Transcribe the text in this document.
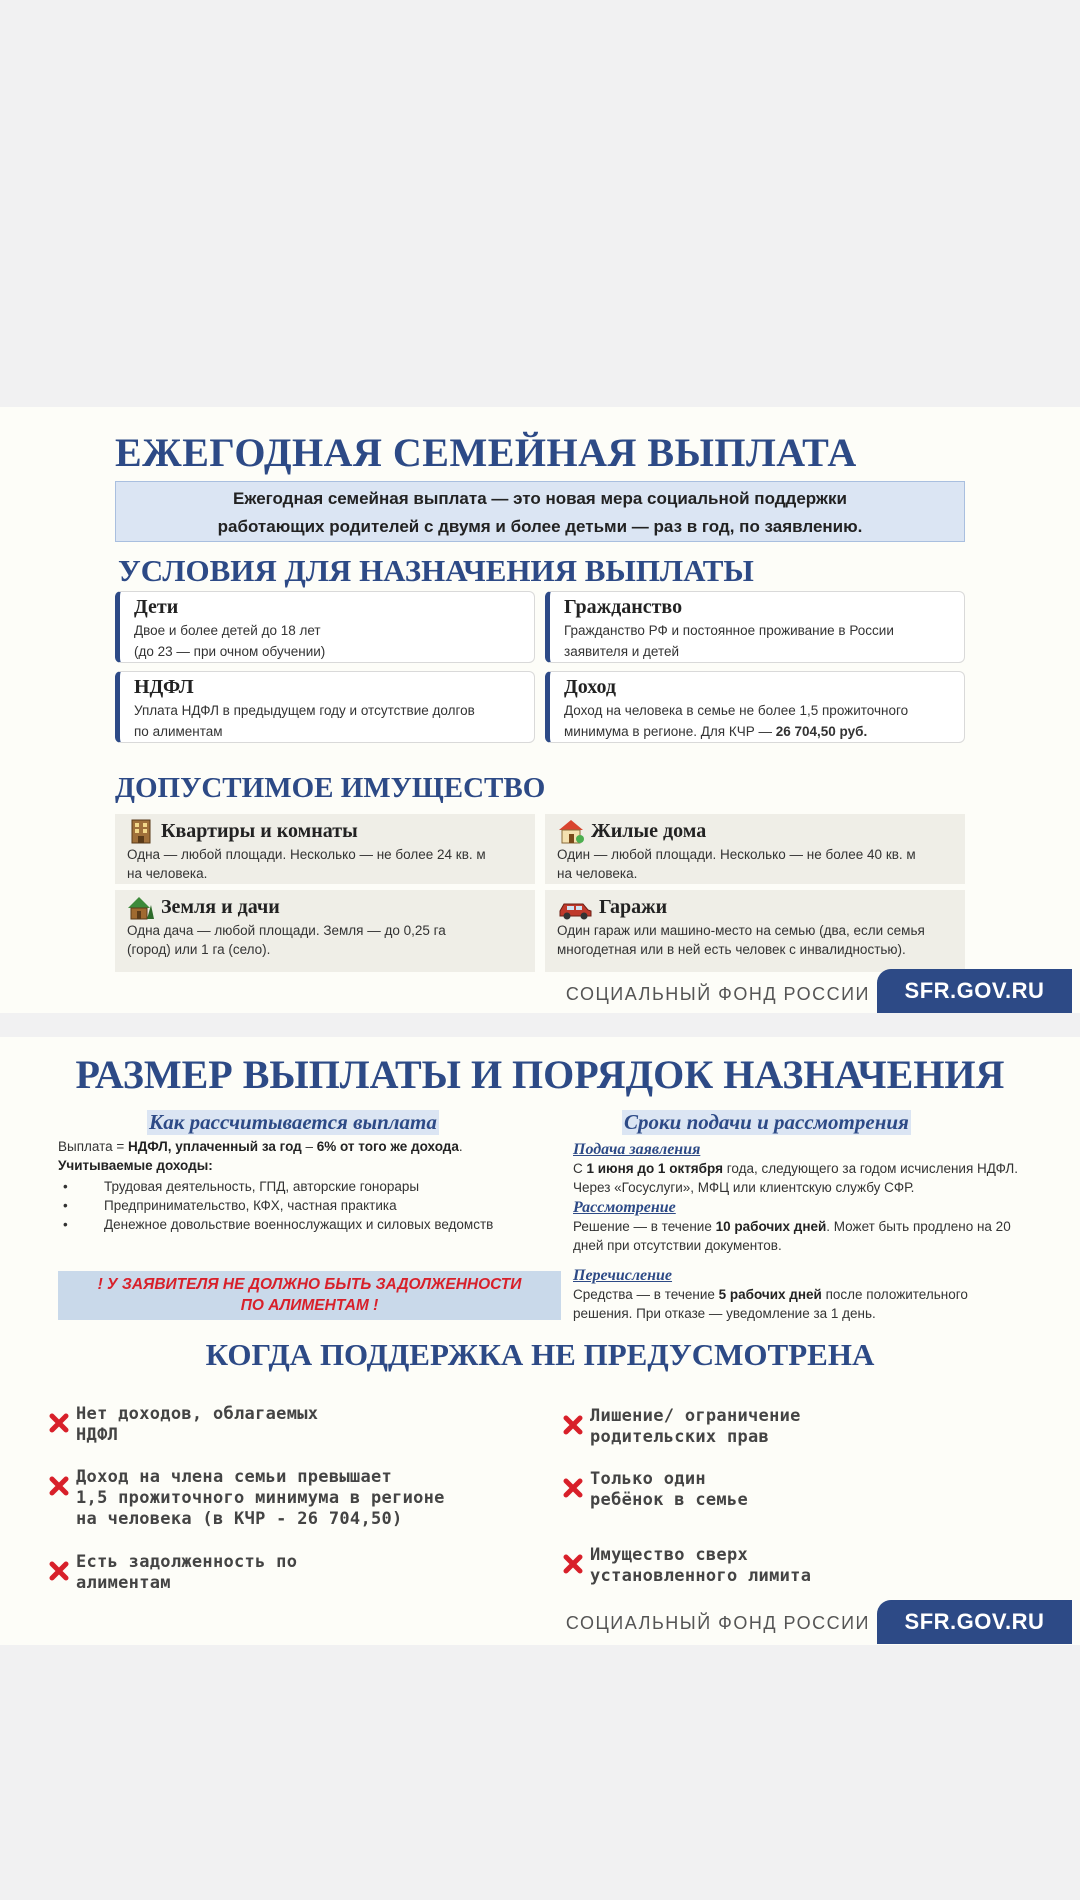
ЕЖЕГОДНАЯ СЕМЕЙНАЯ ВЫПЛАТА
Ежегодная семейная выплата — это новая мера социальной поддержки
работающих родителей с двумя и более детьми — раз в год, по заявлению.
УСЛОВИЯ ДЛЯ НАЗНАЧЕНИЯ ВЫПЛАТЫ
Дети
Двое и более детей до 18 лет
(до 23 — при очном обучении)
Гражданство
Гражданство РФ и постоянное проживание в России
заявителя и детей
НДФЛ
Уплата НДФЛ в предыдущем году и отсутствие долгов
по алиментам
Доход
Доход на человека в семье не более 1,5 прожиточного
минимума в регионе. Для КЧР — 26 704,50 руб.
ДОПУСТИМОЕ ИМУЩЕСТВО
Квартиры и комнаты
Одна — любой площади. Несколько — не более 24 кв. м
на человека.
Жилые дома
Один — любой площади. Несколько — не более 40 кв. м
на человека.
Земля и дачи
Одна дача — любой площади. Земля — до 0,25 га
(город) или 1 га (село).
Гаражи
Один гараж или машино-место на семью (два, если семья
многодетная или в ней есть человек с инвалидностью).
СОЦИАЛЬНЫЙ ФОНД РОССИИ	SFR.GOV.RU
РАЗМЕР ВЫПЛАТЫ И ПОРЯДОК НАЗНАЧЕНИЯ
Как рассчитывается выплата	Сроки подачи и рассмотрения
Выплата = НДФЛ, уплаченный за год – 6% от того же дохода.
Учитываемые доходы:
• Трудовая деятельность, ГПД, авторские гонорары
• Предпринимательство, КФХ, частная практика
• Денежное довольствие военнослужащих и силовых ведомств
! У ЗАЯВИТЕЛЯ НЕ ДОЛЖНО БЫТЬ ЗАДОЛЖЕННОСТИ
ПО АЛИМЕНТАМ !
Подача заявления
С 1 июня до 1 октября года, следующего за годом исчисления НДФЛ.
Через «Госуслуги», МФЦ или клиентскую службу СФР.
Рассмотрение
Решение — в течение 10 рабочих дней. Может быть продлено на 20
дней при отсутствии документов.
Перечисление
Средства — в течение 5 рабочих дней после положительного
решения. При отказе — уведомление за 1 день.
КОГДА ПОДДЕРЖКА НЕ ПРЕДУСМОТРЕНА
Нет доходов, облагаемых
НДФЛ
Доход на члена семьи превышает
1,5 прожиточного минимума в регионе
на человека (в КЧР - 26 704,50)
Есть задолженность по
алиментам
Лишение/ ограничение
родительских прав
Только один
ребёнок в семье
Имущество сверх
установленного лимита
СОЦИАЛЬНЫЙ ФОНД РОССИИ	SFR.GOV.RU
